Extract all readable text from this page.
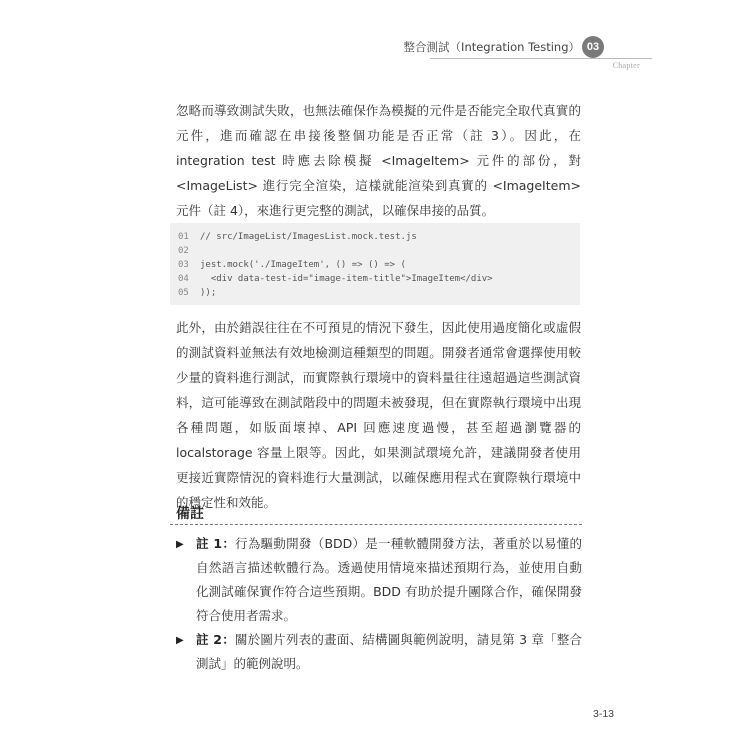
整合測試（Integration Testing） 03
Chapter

忽略而導致測試失敗，也無法確保作為模擬的元件是否能完全取代真實的元件，進而確認在串接後整個功能是否正常（註 3）。因此，在 integration test 時應去除模擬 <ImageItem> 元件的部份，對 <ImageList> 進行完全渲染，這樣就能渲染到真實的 <ImageItem> 元件（註 4），來進行更完整的測試，以確保串接的品質。

01 // src/ImageList/ImagesList.mock.test.js
02
03 jest.mock('./ImageItem', () => () => (
04  <div data-test-id="image-item-title">ImageItem</div>
05 ));

此外，由於錯誤往往在不可預見的情況下發生，因此使用過度簡化或虛假的測試資料並無法有效地檢測這種類型的問題。開發者通常會選擇使用較少量的資料進行測試，而實際執行環境中的資料量往往遠超過這些測試資料，這可能導致在測試階段中的問題未被發現，但在實際執行環境中出現各種問題，如版面壞掉、API 回應速度過慢，甚至超過瀏覽器的 localstorage 容量上限等。因此，如果測試環境允許，建議開發者使用更接近實際情況的資料進行大量測試，以確保應用程式在實際執行環境中的穩定性和效能。

備註
▶ 註 1：行為驅動開發（BDD）是一種軟體開發方法，著重於以易懂的自然語言描述軟體行為。透過使用情境來描述預期行為，並使用自動化測試確保實作符合這些預期。BDD 有助於提升團隊合作，確保開發符合使用者需求。
▶ 註 2：關於圖片列表的畫面、結構圖與範例說明，請見第 3 章「整合測試」的範例說明。
3-13
